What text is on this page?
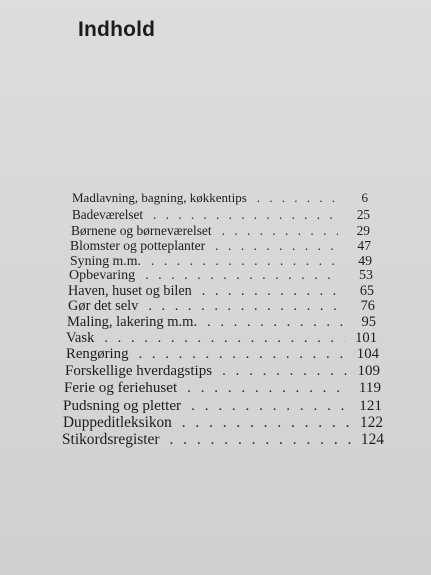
Indhold
Madlavning, bagning, køkkentips . . .	6
Badeværelset . . .	25
Børnene og børneværelset . . .	29
Blomster og potteplanter . . .	47
Syning m.m. . . .	49
Opbevaring . . .	53
Haven, huset og bilen . . .	65
Gør det selv . . .	76
Maling, lakering m.m. . . .	95
Vask . . .	101
Rengøring . . .	104
Forskellige hverdagstips . . .	109
Ferie og feriehuset . . .	119
Pudsning og pletter . . .	121
Duppeditleksikon . . .	122
Stikordsregister . . .	124
